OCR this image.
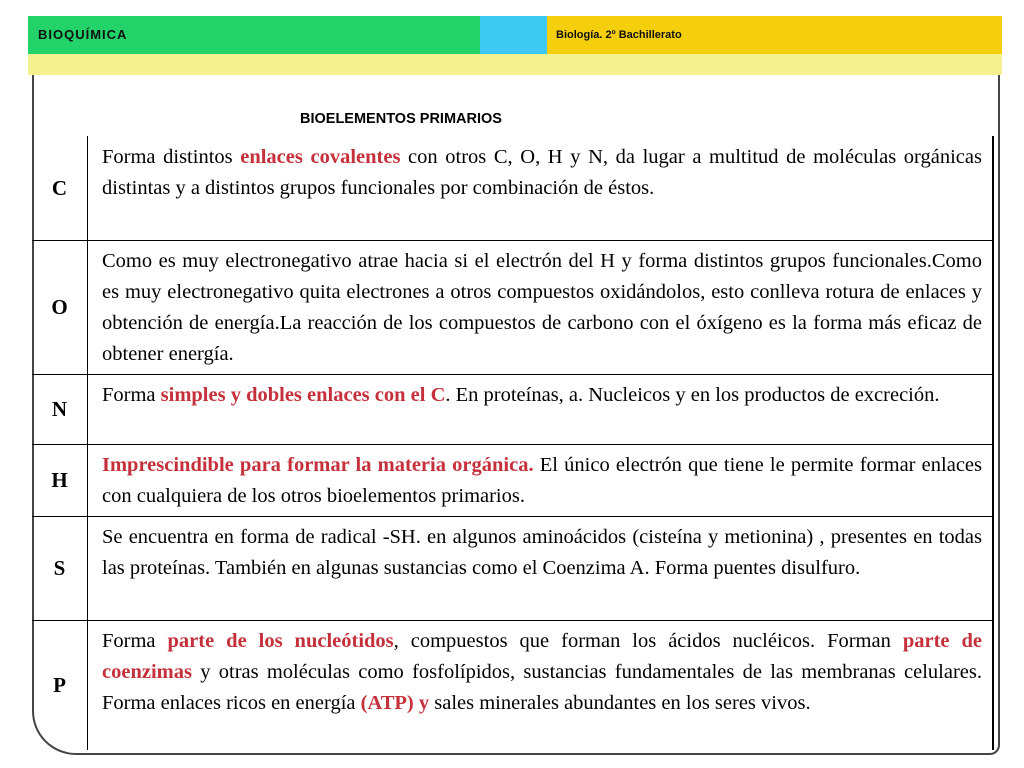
BIOQUÍMICA	Biología. 2º Bachillerato
BIOELEMENTOS PRIMARIOS
C
Forma distintos enlaces covalentes con otros C, O, H y N, da lugar a multitud de moléculas orgánicas distintas y a distintos grupos funcionales por combinación de éstos.
O
Como es muy electronegativo atrae hacia si el electrón del H y forma distintos grupos funcionales.Como es muy electronegativo quita electrones a otros compuestos oxidándolos, esto conlleva rotura de enlaces y obtención de energía.La reacción de los compuestos de carbono con el óxígeno es la forma más eficaz de obtener energía.
N
Forma simples y dobles enlaces con el C. En proteínas, a. Nucleicos y en los productos de excreción.
H
Imprescindible para formar la materia orgánica. El único electrón que tiene le permite formar enlaces con cualquiera de los otros bioelementos primarios.
S
Se encuentra en forma de radical -SH. en algunos aminoácidos (cisteína y metionina) , presentes en todas las proteínas. También en algunas sustancias como el Coenzima A. Forma puentes disulfuro.
P
Forma parte de los nucleótidos, compuestos que forman los ácidos nucléicos. Forman parte de coenzimas y otras moléculas como fosfolípidos, sustancias fundamentales de las membranas celulares. Forma enlaces ricos en energía (ATP) y sales minerales abundantes en los seres vivos.
